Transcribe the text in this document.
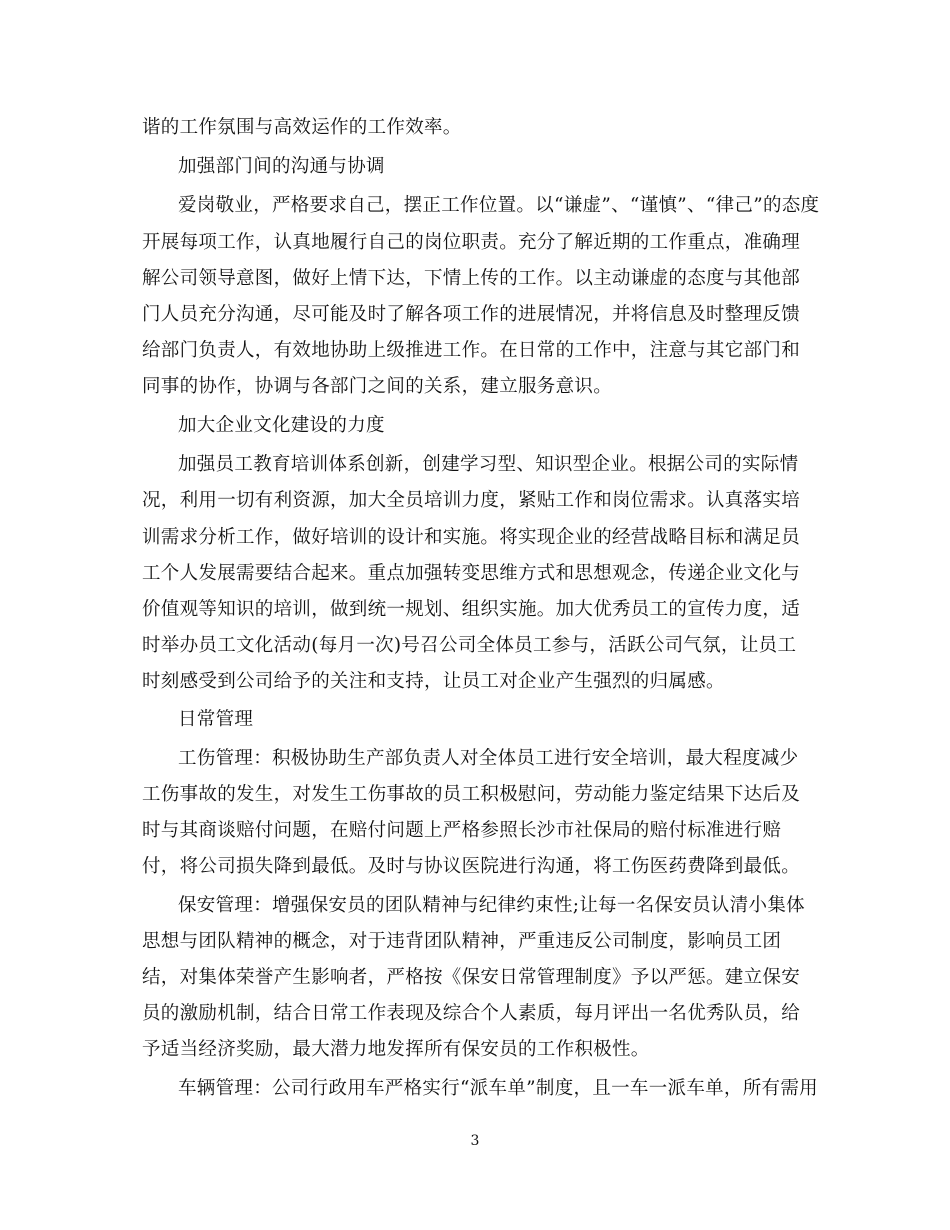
谐的工作氛围与高效运作的工作效率。
加强部门间的沟通与协调
爱岗敬业，严格要求自己，摆正工作位置。以“谦虚”、“谨慎”、“律己”的态度
开展每项工作，认真地履行自己的岗位职责。充分了解近期的工作重点，准确理
解公司领导意图，做好上情下达，下情上传的工作。以主动谦虚的态度与其他部
门人员充分沟通，尽可能及时了解各项工作的进展情况，并将信息及时整理反馈
给部门负责人，有效地协助上级推进工作。在日常的工作中，注意与其它部门和
同事的协作，协调与各部门之间的关系，建立服务意识。
加大企业文化建设的力度
加强员工教育培训体系创新，创建学习型、知识型企业。根据公司的实际情
况，利用一切有利资源，加大全员培训力度，紧贴工作和岗位需求。认真落实培
训需求分析工作，做好培训的设计和实施。将实现企业的经营战略目标和满足员
工个人发展需要结合起来。重点加强转变思维方式和思想观念，传递企业文化与
价值观等知识的培训，做到统一规划、组织实施。加大优秀员工的宣传力度，适
时举办员工文化活动(每月一次)号召公司全体员工参与，活跃公司气氛，让员工
时刻感受到公司给予的关注和支持，让员工对企业产生强烈的归属感。
日常管理
工伤管理：积极协助生产部负责人对全体员工进行安全培训，最大程度减少
工伤事故的发生，对发生工伤事故的员工积极慰问，劳动能力鉴定结果下达后及
时与其商谈赔付问题，在赔付问题上严格参照长沙市社保局的赔付标准进行赔
付，将公司损失降到最低。及时与协议医院进行沟通，将工伤医药费降到最低。
保安管理：增强保安员的团队精神与纪律约束性;让每一名保安员认清小集体
思想与团队精神的概念，对于违背团队精神，严重违反公司制度，影响员工团
结，对集体荣誉产生影响者，严格按《保安日常管理制度》予以严惩。建立保安
员的激励机制，结合日常工作表现及综合个人素质，每月评出一名优秀队员，给
予适当经济奖励，最大潜力地发挥所有保安员的工作积极性。
车辆管理：公司行政用车严格实行“派车单”制度，且一车一派车单，所有需用
3
